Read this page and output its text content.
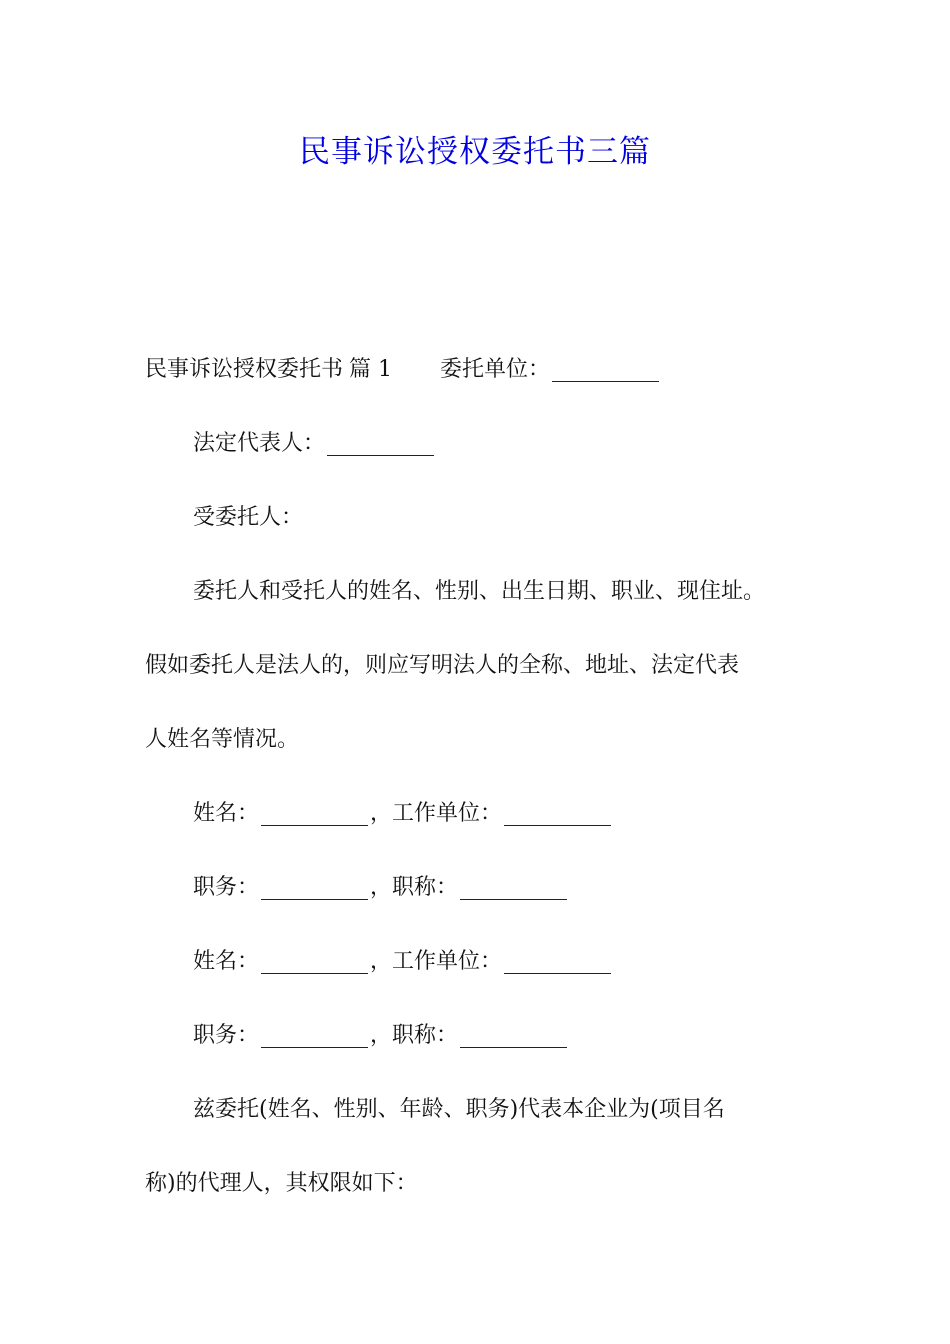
民事诉讼授权委托书三篇
民事诉讼授权委托书 篇 1 委托单位：
法定代表人：
受委托人：
委托人和受托人的姓名、性别、出生日期、职业、现住址。
假如委托人是法人的，则应写明法人的全称、地址、法定代表
人姓名等情况。
姓名：	，工作单位：
职务：	，职称：
姓名：	，工作单位：
职务：	，职称：
兹委托(姓名、性别、年龄、职务)代表本企业为(项目名
称)的代理人，其权限如下：
